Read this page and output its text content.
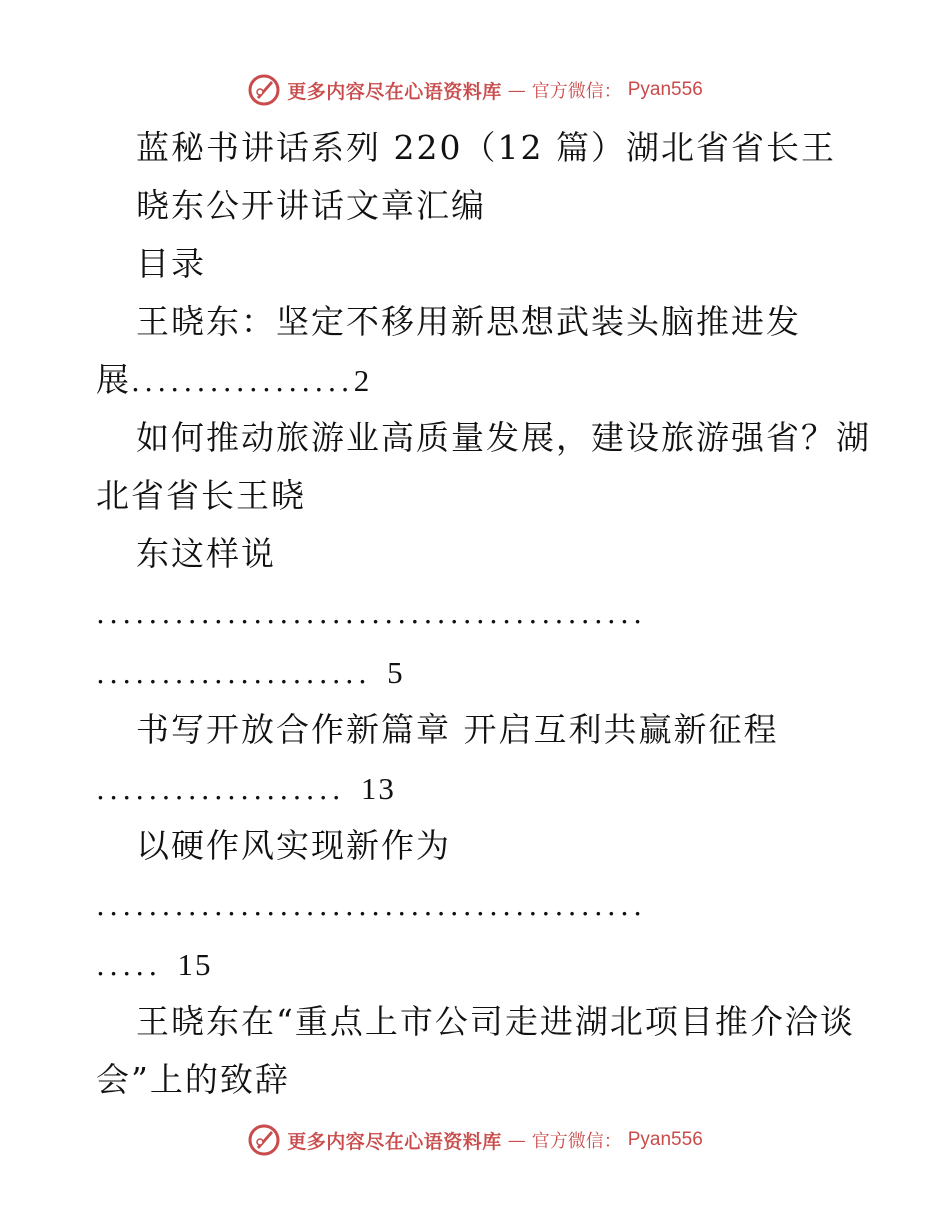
更多内容尽在心语资料库 — 官方微信： Pyan556
蓝秘书讲话系列 220（12 篇）湖北省省长王
晓东公开讲话文章汇编
目录
王晓东：坚定不移用新思想武装头脑推进发
展.................2
如何推动旅游业高质量发展，建设旅游强省？湖
北省省长王晓
东这样说
..........................................
..................... 5
书写开放合作新篇章 开启互利共赢新征程
................... 13
以硬作风实现新作为
..........................................
..... 15
王晓东在“重点上市公司走进湖北项目推介洽谈
会”上的致辞
更多内容尽在心语资料库 — 官方微信： Pyan556
